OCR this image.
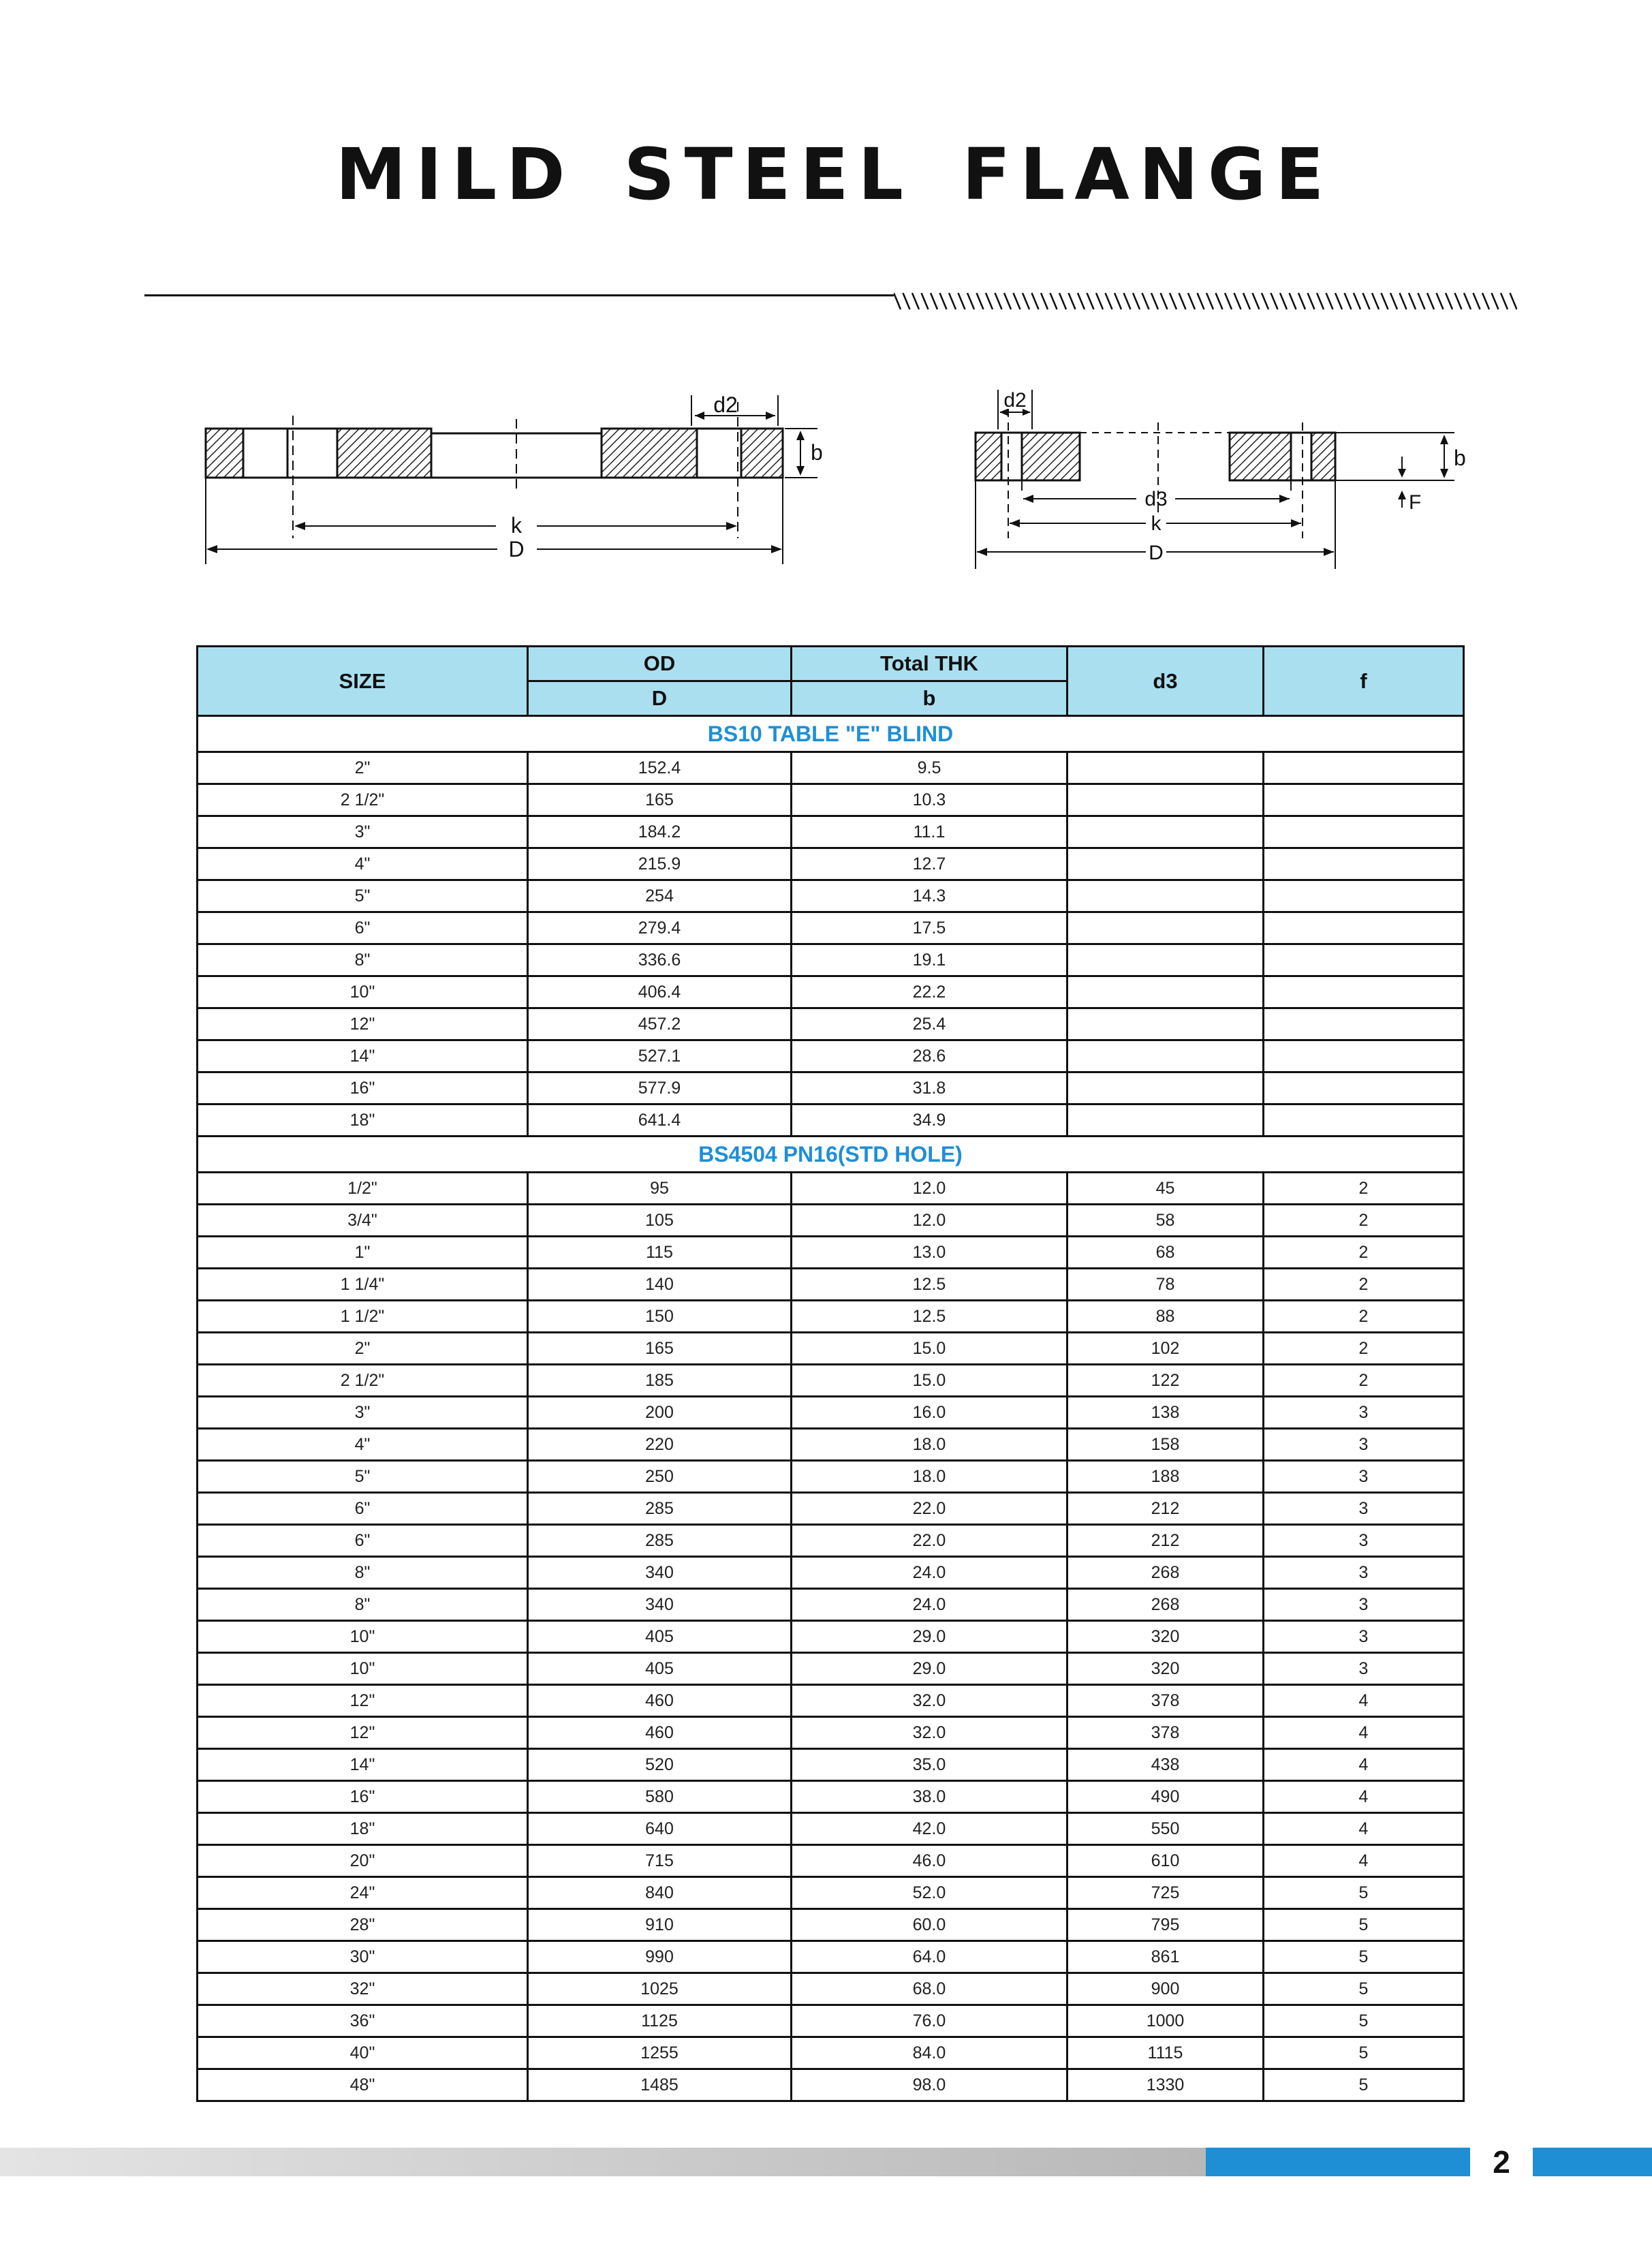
MILD STEEL FLANGE
d2
b
k
D
d2
b
F
d3
k
D
SIZE	OD	Total THK	d3	f
	D	b		
BS10 TABLE "E" BLIND				
2"	152.4	9.5		
2 1/2"	165	10.3		
3"	184.2	11.1		
4"	215.9	12.7		
5"	254	14.3		
6"	279.4	17.5		
8"	336.6	19.1		
10"	406.4	22.2		
12"	457.2	25.4		
14"	527.1	28.6		
16"	577.9	31.8		
18"	641.4	34.9		
BS4504 PN16(STD HOLE)				
1/2"	95	12.0	45	2
3/4"	105	12.0	58	2
1"	115	13.0	68	2
1 1/4"	140	12.5	78	2
1 1/2"	150	12.5	88	2
2"	165	15.0	102	2
2 1/2"	185	15.0	122	2
3"	200	16.0	138	3
4"	220	18.0	158	3
5"	250	18.0	188	3
6"	285	22.0	212	3
6"	285	22.0	212	3
8"	340	24.0	268	3
8"	340	24.0	268	3
10"	405	29.0	320	3
10"	405	29.0	320	3
12"	460	32.0	378	4
12"	460	32.0	378	4
14"	520	35.0	438	4
16"	580	38.0	490	4
18"	640	42.0	550	4
20"	715	46.0	610	4
24"	840	52.0	725	5
28"	910	60.0	795	5
30"	990	64.0	861	5
32"	1025	68.0	900	5
36"	1125	76.0	1000	5
40"	1255	84.0	1115	5
48"	1485	98.0	1330	5
2
